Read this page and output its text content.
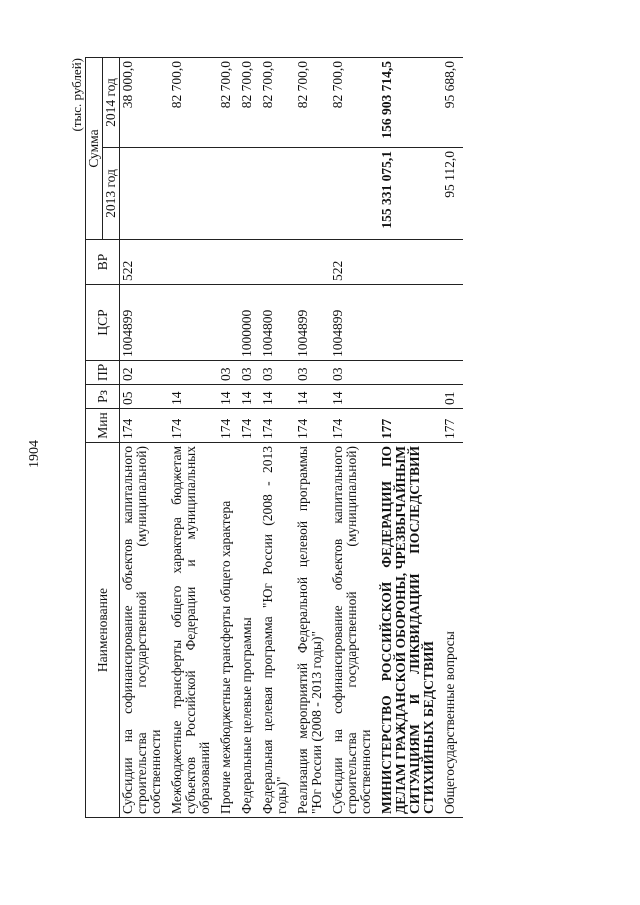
1904
(тыс. рублей)
Наименование	Мин	Рз	ПР	ЦСР	ВР	Сумма	
						2013 год	2014 год
Субсидии на софинансирование объектов капитального строительства государственной (муниципальной) собственности	174	05	02	1004899	522		38 000,0
Межбюджетные трансферты общего характера бюджетам субъектов Российской Федерации и муниципальных образований	174	14					82 700,0
Прочие межбюджетные трансферты общего характера	174	14	03				82 700,0
Федеральные целевые программы	174	14	03	1000000			82 700,0
Федеральная целевая программа "Юг России (2008 - 2013 годы)"	174	14	03	1004800			82 700,0
Реализация мероприятий Федеральной целевой программы "Юг России (2008 - 2013 годы)"	174	14	03	1004899			82 700,0
Субсидии на софинансирование объектов капитального строительства государственной (муниципальной) собственности	174	14	03	1004899	522		82 700,0
МИНИСТЕРСТВО РОССИЙСКОЙ ФЕДЕРАЦИИ ПО ДЕЛАМ ГРАЖДАНСКОЙ ОБОРОНЫ, ЧРЕЗВЫЧАЙНЫМ СИТУАЦИЯМ И ЛИКВИДАЦИИ ПОСЛЕДСТВИЙ СТИХИЙНЫХ БЕДСТВИЙ	177					155 331 075,1	156 903 714,5
Общегосударственные вопросы	177	01				95 112,0	95 688,0
